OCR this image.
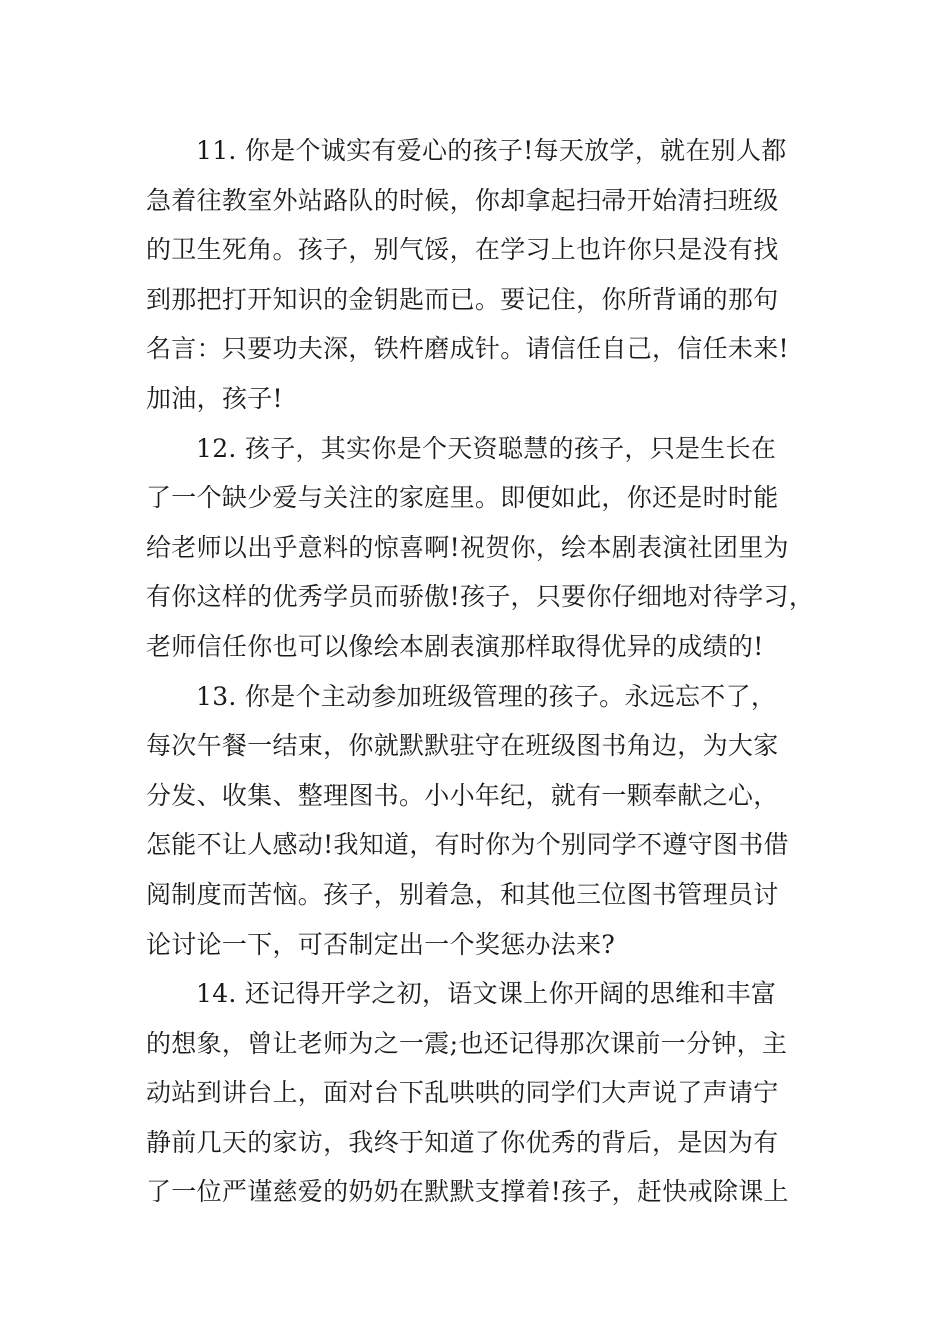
11. 你是个诚实有爱心的孩子!每天放学，就在别人都
急着往教室外站路队的时候，你却拿起扫帚开始清扫班级
的卫生死角。孩子，别气馁，在学习上也许你只是没有找
到那把打开知识的金钥匙而已。要记住，你所背诵的那句
名言：只要功夫深，铁杵磨成针。请信任自己，信任未来!
加油，孩子!
12. 孩子，其实你是个天资聪慧的孩子，只是生长在
了一个缺少爱与关注的家庭里。即便如此，你还是时时能
给老师以出乎意料的惊喜啊!祝贺你，绘本剧表演社团里为
有你这样的优秀学员而骄傲!孩子，只要你仔细地对待学习，
老师信任你也可以像绘本剧表演那样取得优异的成绩的!
13. 你是个主动参加班级管理的孩子。永远忘不了，
每次午餐一结束，你就默默驻守在班级图书角边，为大家
分发、收集、整理图书。小小年纪，就有一颗奉献之心，
怎能不让人感动!我知道，有时你为个别同学不遵守图书借
阅制度而苦恼。孩子，别着急，和其他三位图书管理员讨
论讨论一下，可否制定出一个奖惩办法来?
14. 还记得开学之初，语文课上你开阔的思维和丰富
的想象，曾让老师为之一震;也还记得那次课前一分钟，主
动站到讲台上，面对台下乱哄哄的同学们大声说了声请宁
静前几天的家访，我终于知道了你优秀的背后，是因为有
了一位严谨慈爱的奶奶在默默支撑着!孩子，赶快戒除课上
